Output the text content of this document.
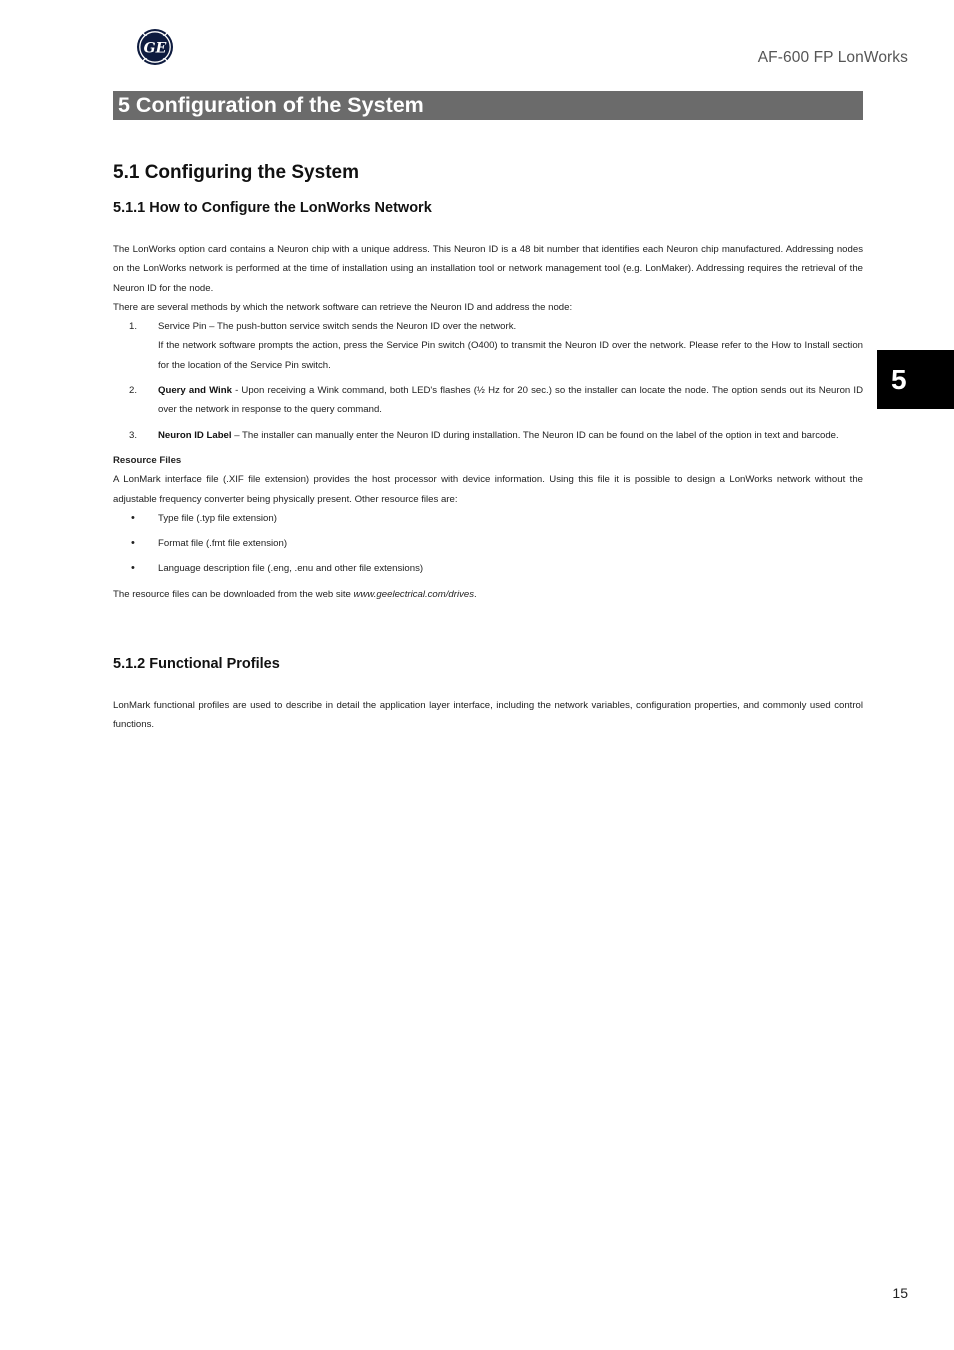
GE
AF-600 FP LonWorks
5 Configuration of the System
5
5.1 Configuring the System
5.1.1 How to Configure the LonWorks Network

The LonWorks option card contains a Neuron chip with a unique address. This Neuron ID is a 48 bit number that identifies each Neuron chip manufactured. Addressing nodes on the LonWorks network is performed at the time of installation using an installation tool or network management tool (e.g. LonMaker). Addressing requires the retrieval of the Neuron ID for the node.

There are several methods by which the network software can retrieve the Neuron ID and address the node:

1. Service Pin – The push-button service switch sends the Neuron ID over the network.
If the network software prompts the action, press the Service Pin switch (O400) to transmit the Neuron ID over the network. Please refer to the How to Install section for the location of the Service Pin switch.
2. Query and Wink - Upon receiving a Wink command, both LED's flashes (½ Hz for 20 sec.) so the installer can locate the node. The option sends out its Neuron ID over the network in response to the query command.
3. Neuron ID Label – The installer can manually enter the Neuron ID during installation. The Neuron ID can be found on the label of the option in text and barcode.

Resource Files

A LonMark interface file (.XIF file extension) provides the host processor with device information. Using this file it is possible to design a LonWorks network without the adjustable frequency converter being physically present. Other resource files are:

• Type file (.typ file extension)
• Format file (.fmt file extension)
• Language description file (.eng, .enu and other file extensions)

The resource files can be downloaded from the web site www.geelectrical.com/drives.

5.1.2 Functional Profiles

LonMark functional profiles are used to describe in detail the application layer interface, including the network variables, configuration properties, and commonly used control functions.

15
